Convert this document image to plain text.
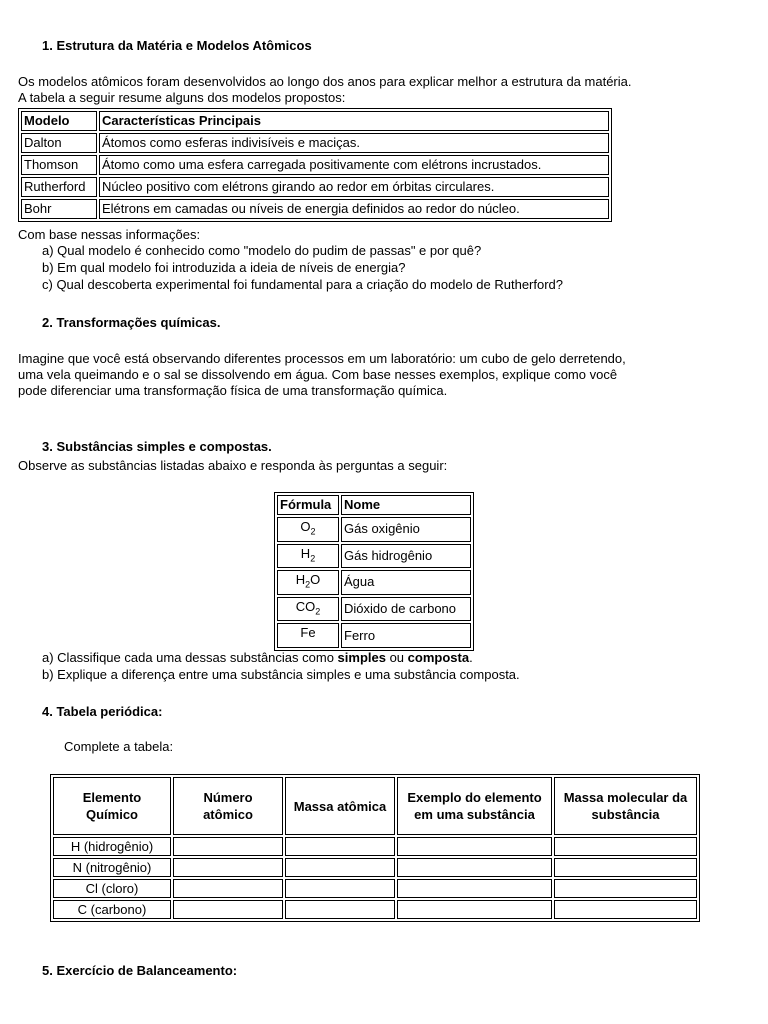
1. Estrutura da Matéria e Modelos Atômicos
Os modelos atômicos foram desenvolvidos ao longo dos anos para explicar melhor a estrutura da matéria.
A tabela a seguir resume alguns dos modelos propostos:
Modelo	Características Principais
Dalton	Átomos como esferas indivisíveis e maciças.
Thomson	Átomo como uma esfera carregada positivamente com elétrons incrustados.
Rutherford	Núcleo positivo com elétrons girando ao redor em órbitas circulares.
Bohr	Elétrons em camadas ou níveis de energia definidos ao redor do núcleo.
Com base nessas informações:
a) Qual modelo é conhecido como "modelo do pudim de passas" e por quê?
b) Em qual modelo foi introduzida a ideia de níveis de energia?
c) Qual descoberta experimental foi fundamental para a criação do modelo de Rutherford?
2. Transformações químicas.
Imagine que você está observando diferentes processos em um laboratório: um cubo de gelo derretendo,
uma vela queimando e o sal se dissolvendo em água. Com base nesses exemplos, explique como você
pode diferenciar uma transformação física de uma transformação química.
3. Substâncias simples e compostas.
Observe as substâncias listadas abaixo e responda às perguntas a seguir:
Fórmula	Nome
$O_2$	Gás oxigênio
$H_2$	Gás hidrogênio
$H_2O$	Água
$CO_2$	Dióxido de carbono
Fe	Ferro
a) Classifique cada uma dessas substâncias como simples ou composta.
b) Explique a diferença entre uma substância simples e uma substância composta.
4. Tabela periódica:
Complete a tabela:
Elemento Químico	Número atômico	Massa atômica	Exemplo do elemento em uma substância	Massa molecular da substância
H (hidrogênio)				
N (nitrogênio)				
Cl (cloro)				
C (carbono)				
5. Exercício de Balanceamento:
